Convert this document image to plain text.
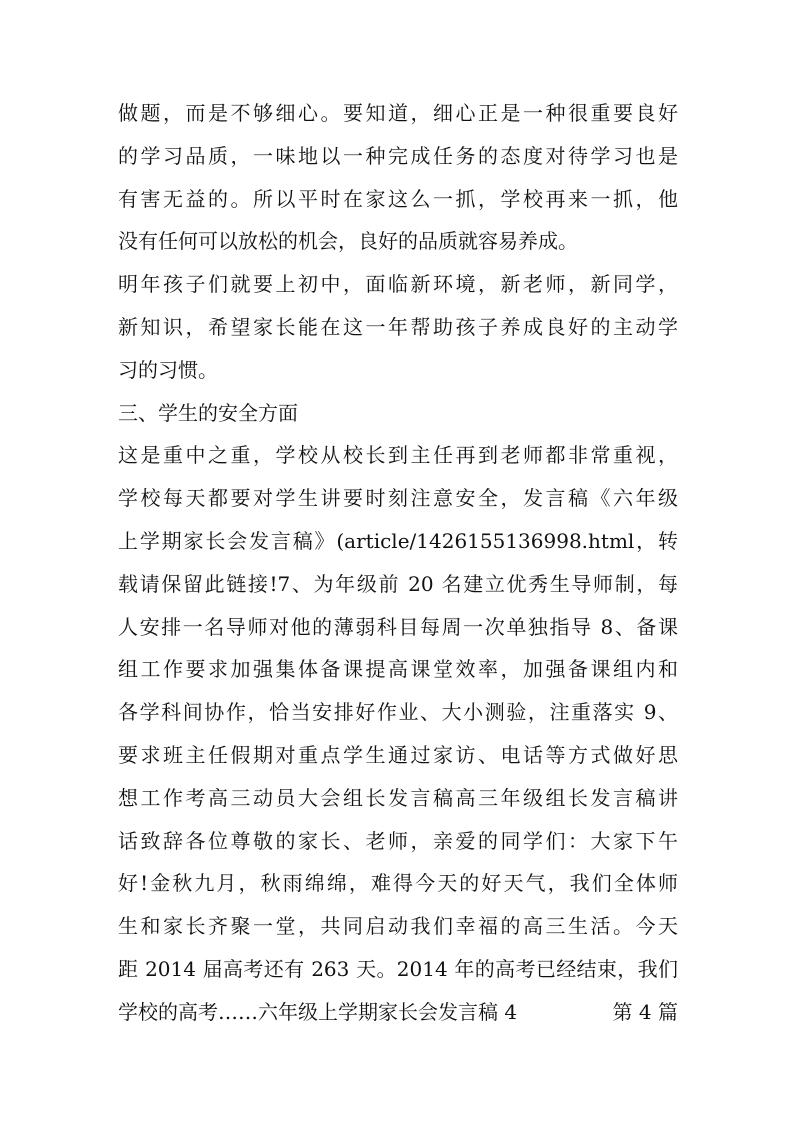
做题，而是不够细心。要知道，细心正是一种很重要良好
的学习品质，一味地以一种完成任务的态度对待学习也是
有害无益的。所以平时在家这么一抓，学校再来一抓，他
没有任何可以放松的机会，良好的品质就容易养成。
明年孩子们就要上初中，面临新环境，新老师，新同学，
新知识，希望家长能在这一年帮助孩子养成良好的主动学
习的习惯。
三、学生的安全方面
这是重中之重，学校从校长到主任再到老师都非常重视，
学校每天都要对学生讲要时刻注意安全，发言稿《六年级
上学期家长会发言稿》(article/1426155136998.html，转
载请保留此链接!7、为年级前 20 名建立优秀生导师制，每
人安排一名导师对他的薄弱科目每周一次单独指导 8、备课
组工作要求加强集体备课提高课堂效率，加强备课组内和
各学科间协作，恰当安排好作业、大小测验，注重落实 9、
要求班主任假期对重点学生通过家访、电话等方式做好思
想工作考高三动员大会组长发言稿高三年级组长发言稿讲
话致辞各位尊敬的家长、老师，亲爱的同学们：大家下午
好!金秋九月，秋雨绵绵，难得今天的好天气，我们全体师
生和家长齐聚一堂，共同启动我们幸福的高三生活。今天
距 2014 届高考还有 263 天。2014 年的高考已经结束，我们
学校的高考……六年级上学期家长会发言稿 4	第 4 篇
